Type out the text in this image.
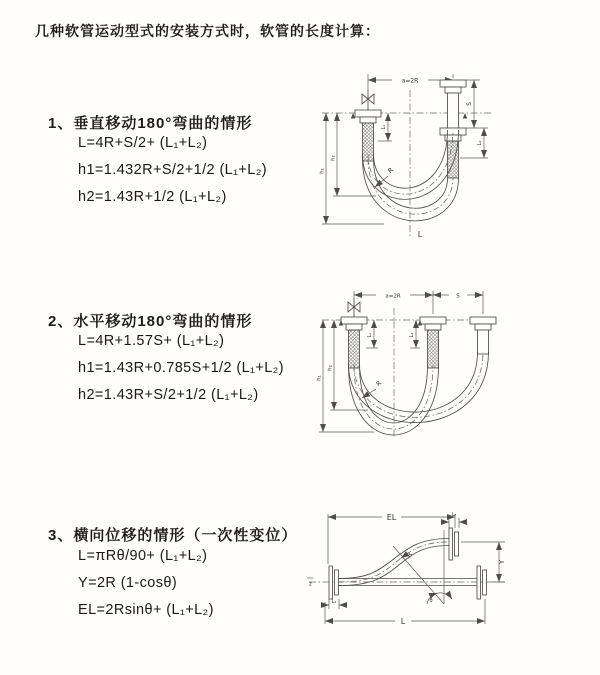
几种软管运动型式的安装方式时，软管的长度计算：
1、垂直移动180°弯曲的情形
L=4R+S/2+ (L₁+L₂)
h1=1.432R+S/2+1/2 (L₁+L₂)
h2=1.43R+1/2 (L₁+L₂)
2、水平移动180°弯曲的情形
L=4R+1.57S+ (L₁+L₂)
h1=1.43R+0.785S+1/2 (L₁+L₂)
h2=1.43R+S/2+1/2 (L₁+L₂)
3、横向位移的情形（一次性变位）
L=πRθ/90+ (L₁+L₂)
Y=2R (1-cosθ)
EL=2Rsinθ+ (L₁+L₂)
a=2R
h₁
h₂
S
L₂
L₁
R
L
a=2R	S
h₁
h₂
L₁	L₂
R
z
EL	L₂
θ
R
Y
L₁
L
